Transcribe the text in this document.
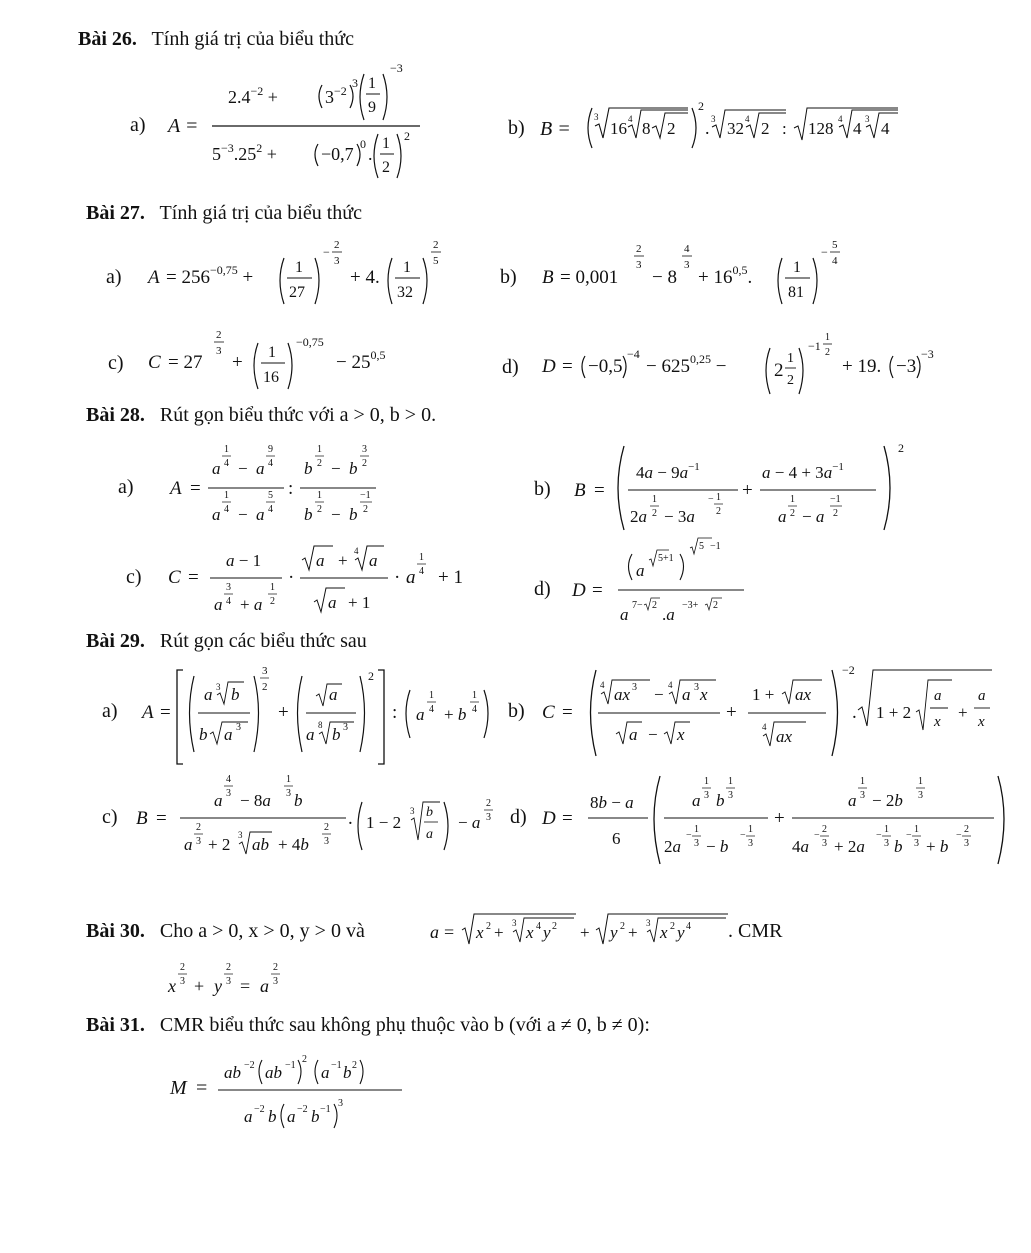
Bài 26. Tính giá trị của biểu thức
a) A =
$2.4^{-2}$ +	$3^{-2}$
3 1
9
−3
$5^{-3}.25^2 + -0,7$ 0 .
1
2
2	b) B =
3
16 4 8 2
2
. 3 32 4 2 : 128 4 4 3 4
Bài 27. Tính giá trị của biểu thức
a) $A = 256^{-0,75}$ +	1
27
− 2
3
+ 4. 1
32
2
5
b) B = 0,001
2
3
− 8
4
3
+ $16^{0,5}$.	1
81
− 5
4
c) C = 27
2
3
+ 1
16
−0,75
− $25^{0,5}$
d) D = −0,5
−4
− $625^{0,25}$ −	2
1
2
−1
1
2
+ 19. −3
−3
Bài 28. Rút gọn biểu thức với a > 0, b > 0.
a) A =
a
1
4 − a
9
4
a
1
4 − a
5
4
:
b
1
2 − b
3
2
b
1
2 − b
−1
2
b) B =
$4a - 9a^{-1}$
2a
1
2 − 3a
− 1
2
+
$a - 4 + 3a^{-1}$
a
1
2 − a
−1
2
2
c) C =
a − 1
a
3
4 + a
1
2
·
a + 4 a
a + 1
· a
1
4 + 1
d) D =
a
5+1
5 −1
a 7− 2 .a −3+ 2
Bài 29. Rút gọn các biểu thức sau
a) A =
a 3 b
b a 3
3
2
+
a
a 8 b 3
2
: a
1
4 + b
1
4 b) C =
4 ax 3 − 4 a 3 x
a − x
+
1 + ax
4 ax
−2
. 1 + 2
a
x +
a
x
c) B =
a
4
3 − 8a
1
3 b
a
2
3 + 2 3 ab + 4b
2
3
. 1 − 2
3 b
a
− a
2
3 d) D =
8b − a
6
a
1
3 b
1
3
2a
−
1
3 − b
−
1
3
+
a
1
3 − 2b
1
3
4a
−
2
3 + 2a
−
1
3 b
−
1
3 + b
−
2
3
Bài 30. Cho a > 0, x > 0, y > 0 và	a = x 2 + 3 x 4 y 2 + y 2 + 3 x 2 y 4 . CMR
x
2
3 + y
2
3 = a
2
3
Bài 31. CMR biểu thức sau không phụ thuộc vào b (với a ≠ 0, b ≠ 0):
M =
ab −2 ab −1
2
a −1 b 2
a −2 b a −2 b −1
3
